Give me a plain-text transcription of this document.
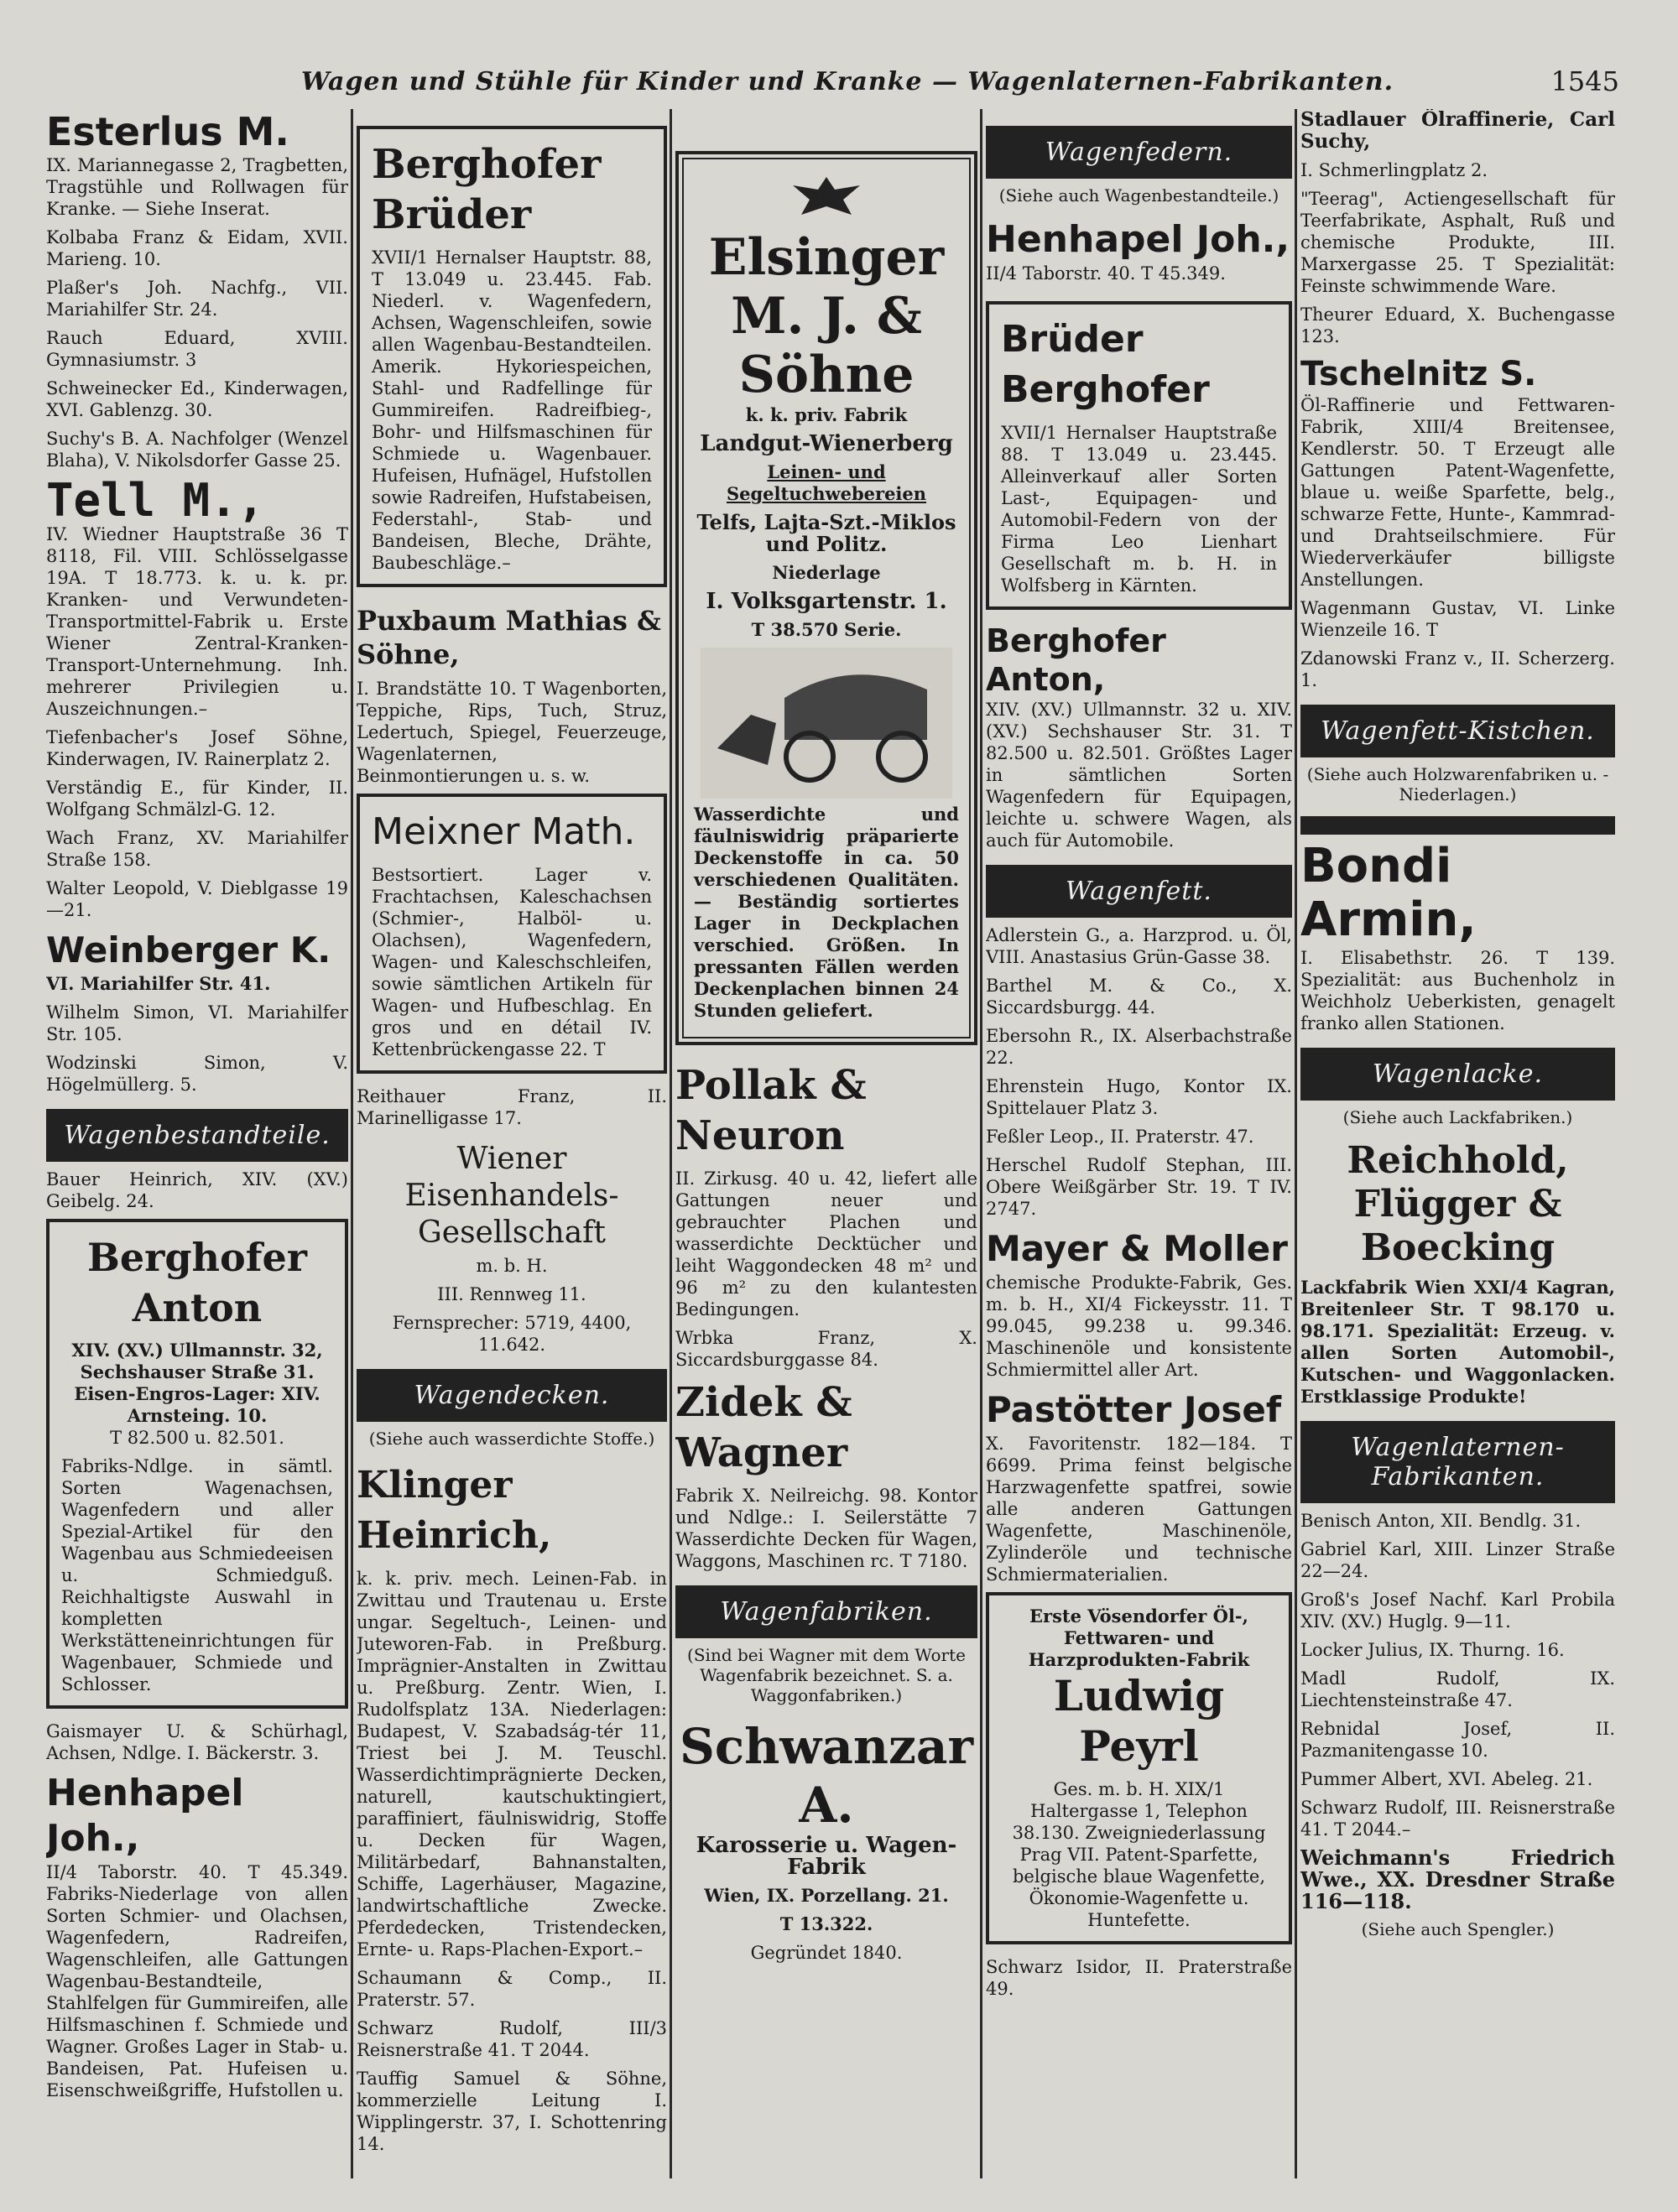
Wagen und Stühle für Kinder und Kranke — Wagenlaternen-Fabrikanten.	1545

Esterlus M.

IX. Mariannegasse 2, Tragbetten, Tragstühle und Rollwagen für Kranke. — Siehe Inserat.

Kolbaba Franz & Eidam, XVII. Marieng. 10.

Plaßer's Joh. Nachfg., VII. Mariahilfer Str. 24.

Rauch Eduard, XVIII. Gymnasiumstr. 3

Schweinecker Ed., Kinderwagen, XVI. Gablenzg. 30.

Suchy's B. A. Nachfolger (Wenzel Blaha), V. Nikolsdorfer Gasse 25.

Tell M.,

IV. Wiedner Hauptstraße 36 T 8118, Fil. VIII. Schlösselgasse 19A. T 18.773. k. u. k. pr. Kranken- und Verwundeten-Transportmittel-Fabrik u. Erste Wiener Zentral-Kranken-Transport-Unternehmung. Inh. mehrerer Privilegien u. Auszeichnungen.–

Tiefenbacher's Josef Söhne, Kinderwagen, IV. Rainerplatz 2.

Verständig E., für Kinder, II. Wolfgang Schmälzl-G. 12.

Wach Franz, XV. Mariahilfer Straße 158.

Walter Leopold, V. Dieblgasse 19—21.

Weinberger K.

VI. Mariahilfer Str. 41.

Wilhelm Simon, VI. Mariahilfer Str. 105.

Wodzinski Simon, V. Högelmüllerg. 5.

Wagenbestandteile.

Bauer Heinrich, XIV. (XV.) Geibelg. 24.

Berghofer Anton

XIV. (XV.) Ullmannstr. 32, Sechshauser Straße 31.

Eisen-Engros-Lager: XIV. Arnsteing. 10.

T 82.500 u. 82.501.

Fabriks-Ndlge. in sämtl. Sorten Wagenachsen, Wagenfedern und aller Spezial-Artikel für den Wagenbau aus Schmiedeeisen u. Schmiedguß. Reichhaltigste Auswahl in kompletten Werkstätteneinrichtungen für Wagenbauer, Schmiede und Schlosser.

Gaismayer U. & Schürhagl, Achsen, Ndlge. I. Bäckerstr. 3.

Henhapel Joh.,

II/4 Taborstr. 40. T 45.349. Fabriks-Niederlage von allen Sorten Schmier- und Olachsen, Wagenfedern, Radreifen, Wagenschleifen, alle Gattungen Wagenbau-Bestandteile, Stahlfelgen für Gummireifen, alle Hilfsmaschinen f. Schmiede und Wagner. Großes Lager in Stab- u. Bandeisen, Pat. Hufeisen u. Eisenschweißgriffe, Hufstollen u.

Berghofer Brüder

XVII/1 Hernalser Hauptstr. 88, T 13.049 u. 23.445. Fab. Niederl. v. Wagenfedern, Achsen, Wagenschleifen, sowie allen Wagenbau-Bestandteilen. Amerik. Hykoriespeichen, Stahl- und Radfellinge für Gummireifen. Radreifbieg-, Bohr- und Hilfsmaschinen für Schmiede u. Wagenbauer. Hufeisen, Hufnägel, Hufstollen sowie Radreifen, Hufstabeisen, Federstahl-, Stab- und Bandeisen, Bleche, Drähte, Baubeschläge.–

Puxbaum Mathias & Söhne,

I. Brandstätte 10. T Wagenborten, Teppiche, Rips, Tuch, Struz, Ledertuch, Spiegel, Feuerzeuge, Wagenlaternen, Beinmontierungen u. s. w.

Meixner Math.

Bestsortiert. Lager v. Frachtachsen, Kaleschachsen (Schmier-, Halböl- u. Olachsen), Wagenfedern, Wagen- und Kaleschschleifen, sowie sämtlichen Artikeln für Wagen- und Hufbeschlag. En gros und en détail IV. Kettenbrückengasse 22. T

Reithauer Franz, II. Marinelligasse 17.

Wiener Eisenhandels-Gesellschaft

m. b. H.

III. Rennweg 11.

Fernsprecher: 5719, 4400, 11.642.

Wagendecken.

(Siehe auch wasserdichte Stoffe.)

Klinger Heinrich,

k. k. priv. mech. Leinen-Fab. in Zwittau und Trautenau u. Erste ungar. Segeltuch-, Leinen- und Juteworen-Fab. in Preßburg. Imprägnier-Anstalten in Zwittau u. Preßburg. Zentr. Wien, I. Rudolfsplatz 13A. Niederlagen: Budapest, V. Szabadság-tér 11, Triest bei J. M. Teuschl. Wasserdichtimprägnierte Decken, naturell, kautschuktingiert, paraffiniert, fäulniswidrig, Stoffe u. Decken für Wagen, Militärbedarf, Bahnanstalten, Schiffe, Lagerhäuser, Magazine, landwirtschaftliche Zwecke. Pferdedecken, Tristendecken, Ernte- u. Raps-Plachen-Export.–

Schaumann & Comp., II. Praterstr. 57.

Schwarz Rudolf, III/3 Reisnerstraße 41. T 2044.

Tauffig Samuel & Söhne, kommerzielle Leitung I. Wipplingerstr. 37, I. Schottenring 14.

Elsinger M. J. & Söhne

k. k. priv. Fabrik

Landgut-Wienerberg

Leinen- und Segeltuchwebereien

Telfs, Lajta-Szt.-Miklos und Politz.

Niederlage

I. Volksgartenstr. 1.

T 38.570 Serie.

Wasserdichte und fäulniswidrig präparierte Deckenstoffe in ca. 50 verschiedenen Qualitäten. — Beständig sortiertes Lager in Deckplachen verschied. Größen. In pressanten Fällen werden Deckenplachen binnen 24 Stunden geliefert.

Pollak & Neuron

II. Zirkusg. 40 u. 42, liefert alle Gattungen neuer und gebrauchter Plachen und wasserdichte Decktücher und leiht Waggondecken 48 m² und 96 m² zu den kulantesten Bedingungen.

Wrbka Franz, X. Siccardsburggasse 84.

Zidek & Wagner

Fabrik X. Neilreichg. 98. Kontor und Ndlge.: I. Seilerstätte 7 Wasserdichte Decken für Wagen, Waggons, Maschinen rc. T 7180.

Wagenfabriken.

(Sind bei Wagner mit dem Worte Wagenfabrik bezeichnet. S. a. Waggonfabriken.)

Schwanzar A.

Karosserie u. Wagen-Fabrik

Wien, IX. Porzellang. 21.

T 13.322.

Gegründet 1840.

Wagenfedern.

(Siehe auch Wagenbestandteile.)

Henhapel Joh.,

II/4 Taborstr. 40. T 45.349.

Brüder Berghofer

XVII/1 Hernalser Hauptstraße 88. T 13.049 u. 23.445. Alleinverkauf aller Sorten Last-, Equipagen- und Automobil-Federn von der Firma Leo Lienhart Gesellschaft m. b. H. in Wolfsberg in Kärnten.

Berghofer Anton,

XIV. (XV.) Ullmannstr. 32 u. XIV. (XV.) Sechshauser Str. 31. T 82.500 u. 82.501. Größtes Lager in sämtlichen Sorten Wagenfedern für Equipagen, leichte u. schwere Wagen, als auch für Automobile.

Wagenfett.

Adlerstein G., a. Harzprod. u. Öl, VIII. Anastasius Grün-Gasse 38.

Barthel M. & Co., X. Siccardsburgg. 44.

Ebersohn R., IX. Alserbachstraße 22.

Ehrenstein Hugo, Kontor IX. Spittelauer Platz 3.

Feßler Leop., II. Praterstr. 47.

Herschel Rudolf Stephan, III. Obere Weißgärber Str. 19. T IV. 2747.

Mayer & Moller

chemische Produkte-Fabrik, Ges. m. b. H., XI/4 Fickeysstr. 11. T 99.045, 99.238 u. 99.346. Maschinenöle und konsistente Schmiermittel aller Art.

Pastötter Josef

X. Favoritenstr. 182—184. T 6699. Prima feinst belgische Harzwagenfette spatfrei, sowie alle anderen Gattungen Wagenfette, Maschinenöle, Zylinderöle und technische Schmiermaterialien.

Erste Vösendorfer Öl-, Fettwaren- und Harzprodukten-Fabrik

Ludwig Peyrl

Ges. m. b. H. XIX/1 Haltergasse 1, Telephon 38.130. Zweigniederlassung Prag VII. Patent-Sparfette, belgische blaue Wagenfette, Ökonomie-Wagenfette u. Huntefette.

Schwarz Isidor, II. Praterstraße 49.

Stadlauer Ölraffinerie, Carl Suchy,

I. Schmerlingplatz 2.

"Teerag", Actiengesellschaft für Teerfabrikate, Asphalt, Ruß und chemische Produkte, III. Marxergasse 25. T Spezialität: Feinste schwimmende Ware.

Theurer Eduard, X. Buchengasse 123.

Tschelnitz S.

Öl-Raffinerie und Fettwaren-Fabrik, XIII/4 Breitensee, Kendlerstr. 50. T Erzeugt alle Gattungen Patent-Wagenfette, blaue u. weiße Sparfette, belg., schwarze Fette, Hunte-, Kammrad- und Drahtseilschmiere. Für Wiederverkäufer billigste Anstellungen.

Wagenmann Gustav, VI. Linke Wienzeile 16. T

Zdanowski Franz v., II. Scherzerg. 1.

Wagenfett-Kistchen.

(Siehe auch Holzwarenfabriken u. -Niederlagen.)

Bondi Armin,

I. Elisabethstr. 26. T 139. Spezialität: aus Buchenholz in Weichholz Ueberkisten, genagelt franko allen Stationen.

Wagenlacke.

(Siehe auch Lackfabriken.)

Reichhold, Flügger & Boecking

Lackfabrik Wien XXI/4 Kagran, Breitenleer Str. T 98.170 u. 98.171. Spezialität: Erzeug. v. allen Sorten Automobil-, Kutschen- und Waggonlacken. Erstklassige Produkte!

Wagenlaternen-Fabrikanten.

Benisch Anton, XII. Bendlg. 31.

Gabriel Karl, XIII. Linzer Straße 22—24.

Groß's Josef Nachf. Karl Probila XIV. (XV.) Huglg. 9—11.

Locker Julius, IX. Thurng. 16.

Madl Rudolf, IX. Liechtensteinstraße 47.

Rebnidal Josef, II. Pazmanitengasse 10.

Pummer Albert, XVI. Abeleg. 21.

Schwarz Rudolf, III. Reisnerstraße 41. T 2044.–

Weichmann's Friedrich Wwe., XX. Dresdner Straße 116—118.

(Siehe auch Spengler.)
